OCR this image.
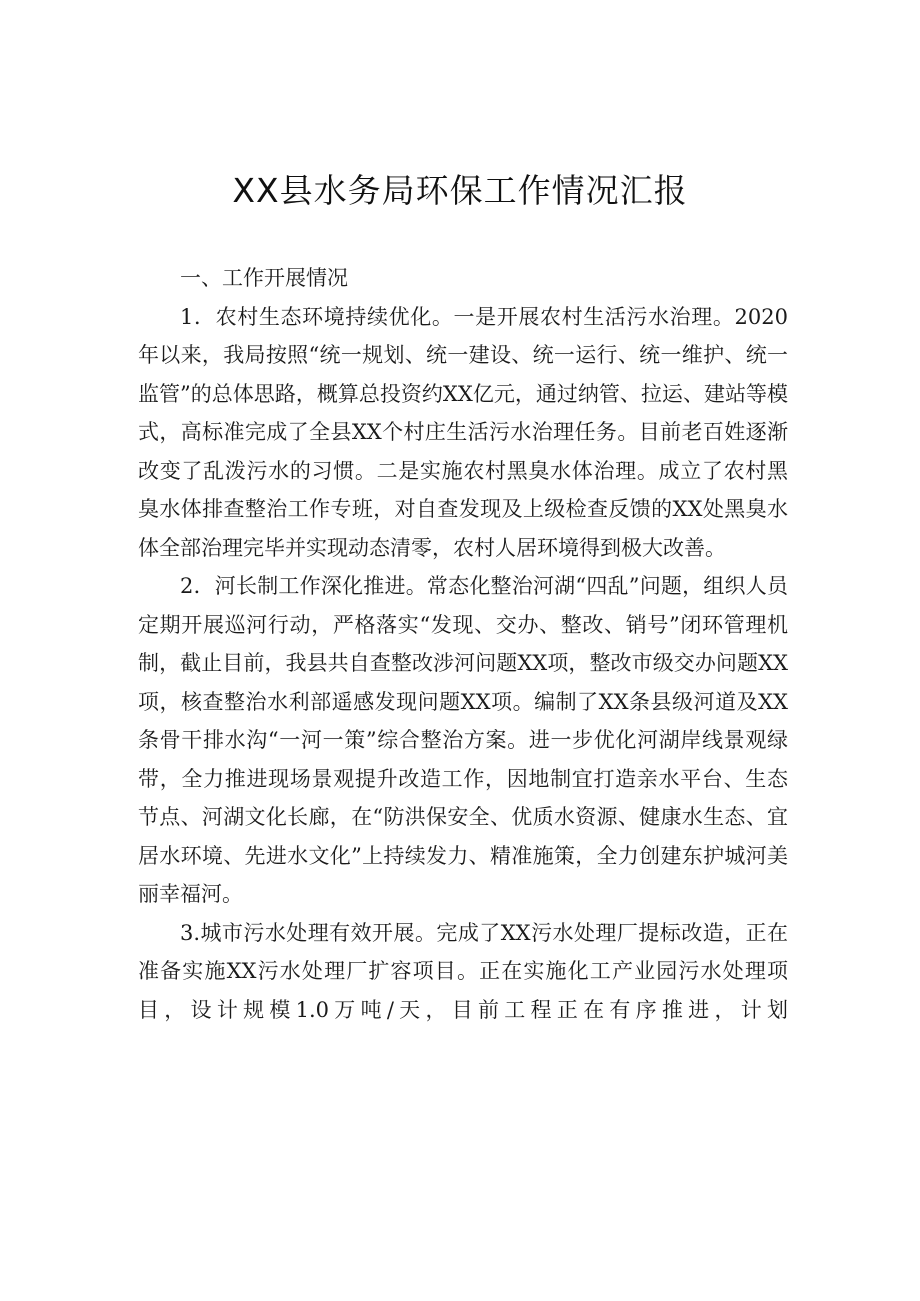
XX县水务局环保工作情况汇报

一、工作开展情况

1．农村生态环境持续优化。一是开展农村生活污水治理。2020年以来，我局按照“统一规划、统一建设、统一运行、统一维护、统一监管”的总体思路，概算总投资约XX亿元，通过纳管、拉运、建站等模式，高标准完成了全县XX个村庄生活污水治理任务。目前老百姓逐渐改变了乱泼污水的习惯。二是实施农村黑臭水体治理。成立了农村黑臭水体排查整治工作专班，对自查发现及上级检查反馈的XX处黑臭水体全部治理完毕并实现动态清零，农村人居环境得到极大改善。

2．河长制工作深化推进。常态化整治河湖“四乱”问题，组织人员定期开展巡河行动，严格落实“发现、交办、整改、销号”闭环管理机制，截止目前，我县共自查整改涉河问题XX项，整改市级交办问题XX项，核查整治水利部遥感发现问题XX项。编制了XX条县级河道及XX条骨干排水沟“一河一策”综合整治方案。进一步优化河湖岸线景观绿带，全力推进现场景观提升改造工作，因地制宜打造亲水平台、生态节点、河湖文化长廊，在“防洪保安全、优质水资源、健康水生态、宜居水环境、先进水文化”上持续发力、精准施策，全力创建东护城河美丽幸福河。

3.城市污水处理有效开展。完成了XX污水处理厂提标改造，正在准备实施XX污水处理厂扩容项目。正在实施化工产业园污水处理项目，设计规模1.0万吨/天，目前工程正在有序推进，计划
